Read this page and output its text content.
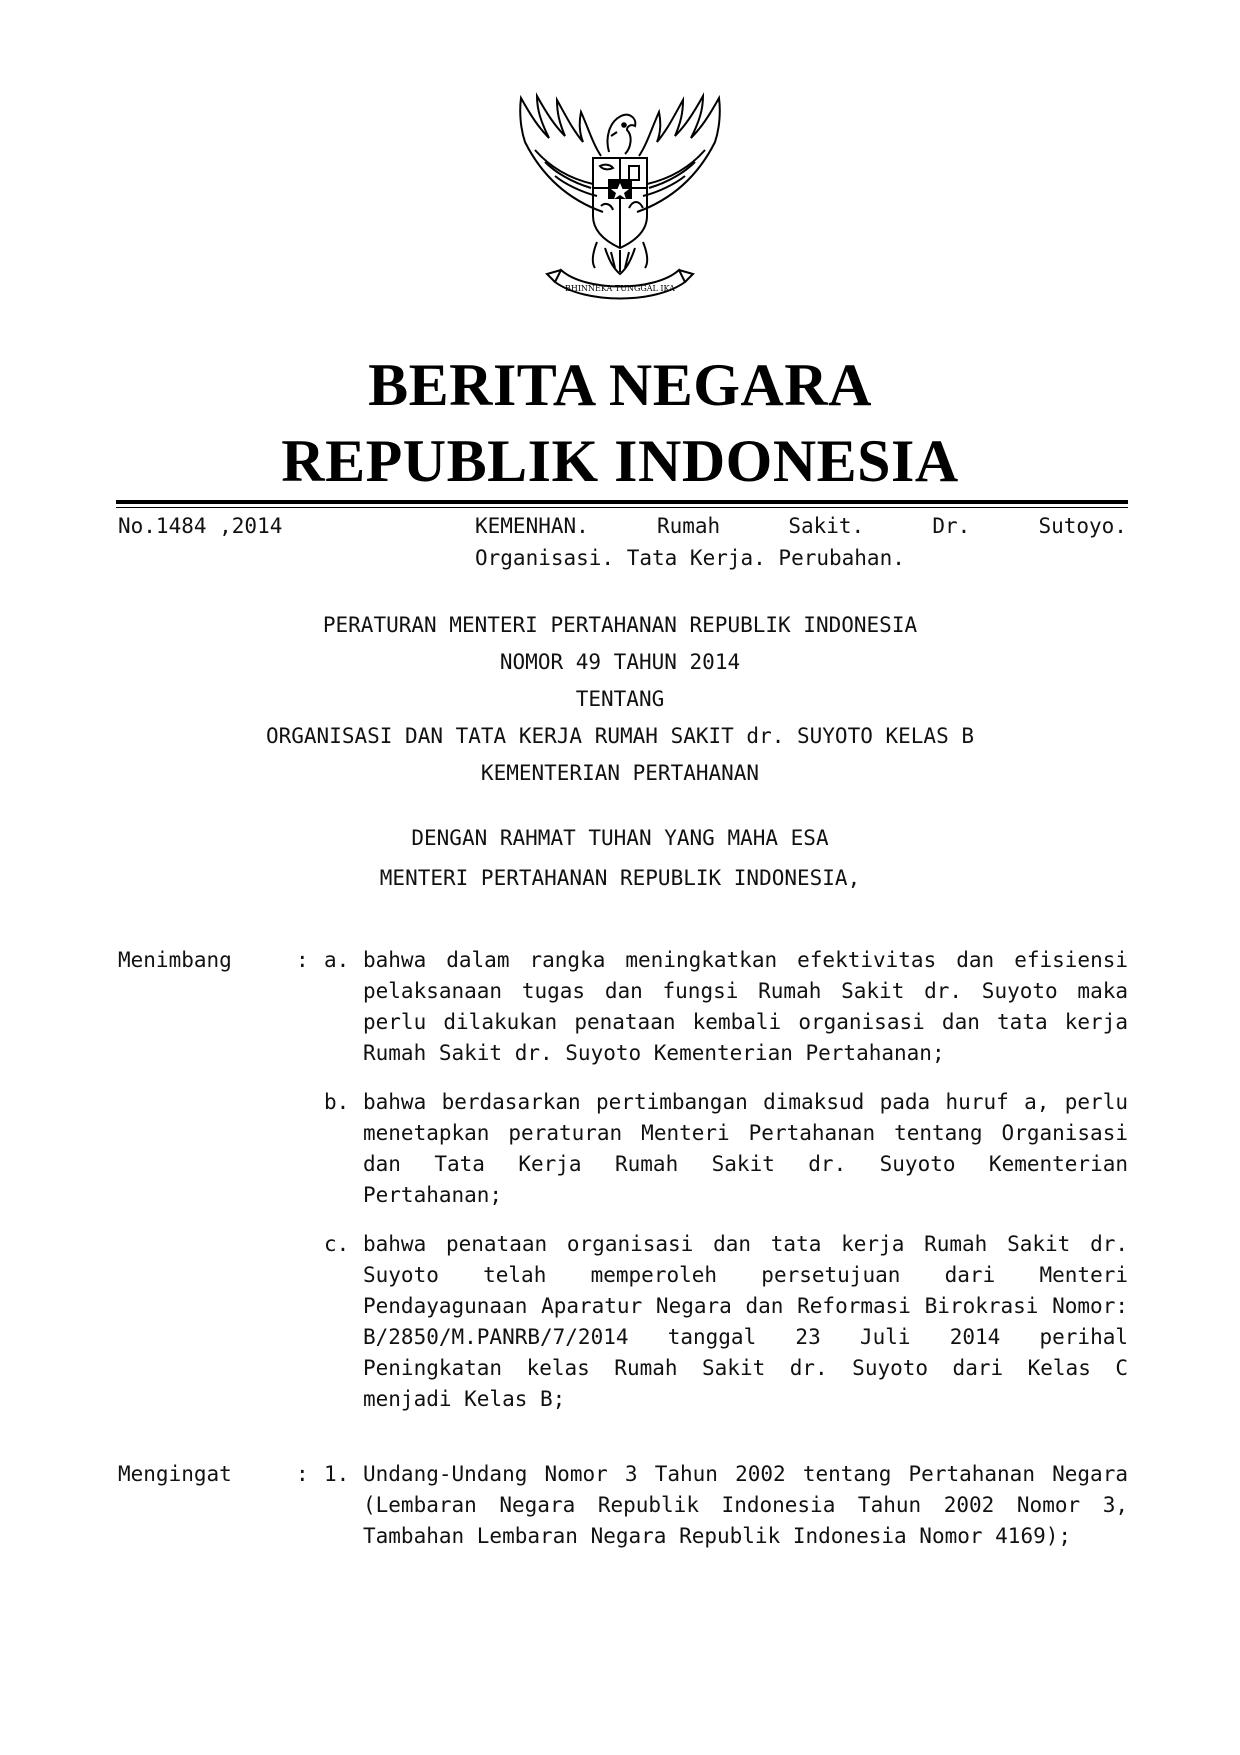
BHINNEKA TUNGGAL IKA
BERITA NEGARA
REPUBLIK INDONESIA
No.1484 ,2014	KEMENHAN.	Rumah	Sakit.	Dr.	Sutoyo.
Organisasi. Tata Kerja. Perubahan.
PERATURAN MENTERI PERTAHANAN REPUBLIK INDONESIA
NOMOR 49 TAHUN 2014
TENTANG
ORGANISASI DAN TATA KERJA RUMAH SAKIT dr. SUYOTO KELAS B
KEMENTERIAN PERTAHANAN
DENGAN RAHMAT TUHAN YANG MAHA ESA
MENTERI PERTAHANAN REPUBLIK INDONESIA,
Menimbang	: a. bahwa dalam rangka meningkatkan efektivitas dan efisiensi pelaksanaan tugas dan fungsi Rumah Sakit dr. Suyoto maka perlu dilakukan penataan kembali organisasi dan tata kerja Rumah Sakit dr. Suyoto Kementerian Pertahanan;
b. bahwa berdasarkan pertimbangan dimaksud pada huruf a, perlu menetapkan peraturan Menteri Pertahanan tentang Organisasi dan Tata Kerja Rumah Sakit dr. Suyoto Kementerian Pertahanan;
c. bahwa penataan organisasi dan tata kerja Rumah Sakit dr. Suyoto telah memperoleh persetujuan dari Menteri Pendayagunaan Aparatur Negara dan Reformasi Birokrasi Nomor: B/2850/M.PANRB/7/2014 tanggal 23 Juli 2014 perihal Peningkatan kelas Rumah Sakit dr. Suyoto dari Kelas C menjadi Kelas B;
Mengingat	: 1. Undang-Undang Nomor 3 Tahun 2002 tentang Pertahanan Negara (Lembaran Negara Republik Indonesia Tahun 2002 Nomor 3, Tambahan Lembaran Negara Republik Indonesia Nomor 4169);
